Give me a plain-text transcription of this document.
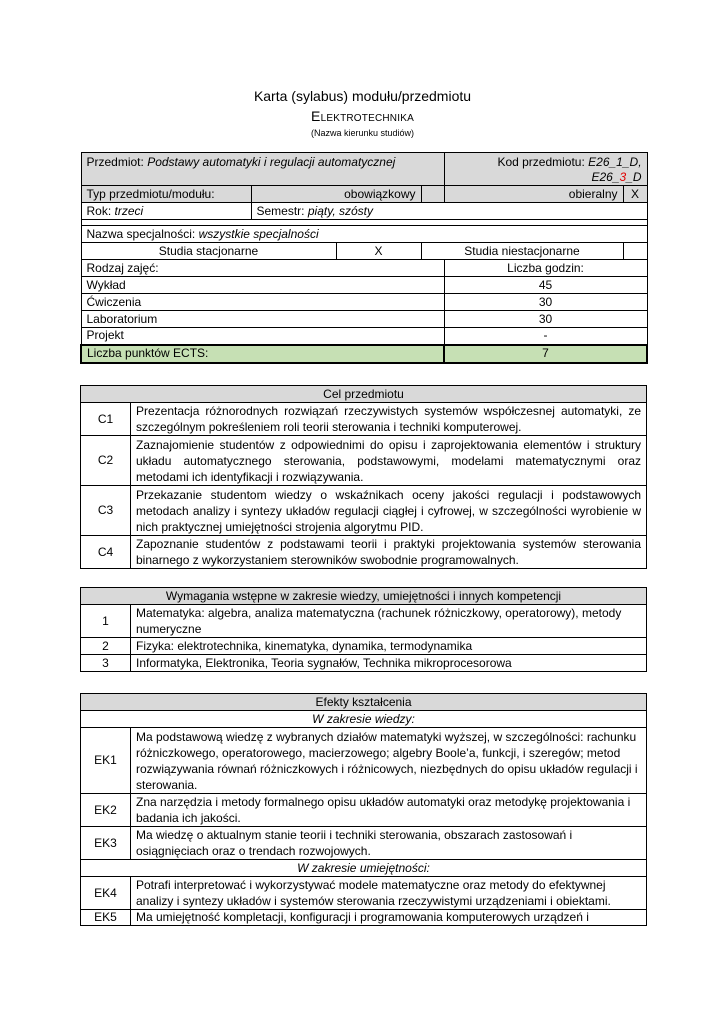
Karta (sylabus) modułu/przedmiotu
Elektrotechnika
(Nazwa kierunku studiów)
Przedmiot: Podstawy automatyki i regulacji automatycznej				Kod przedmiotu: E26_1_D,
E26_3_D	
Typ przedmiotu/modułu:	obowiązkowy			obieralny	X
Rok: trzeci	Semestr: piąty, szósty				

Nazwa specjalności: wszystkie specjalności					
Studia stacjonarne		X	Studia niestacjonarne		
Rodzaj zajęć:				Liczba godzin:	
Wykład				45	
Ćwiczenia				30	
Laboratorium				30	
Projekt				-	
Liczba punktów ECTS:				7	
Cel przedmiotu	
C1	Prezentacja różnorodnych rozwiązań rzeczywistych systemów współczesnej automatyki, ze szczególnym pokreśleniem roli teorii sterowania i techniki komputerowej.
C2	Zaznajomienie studentów z odpowiednimi do opisu i zaprojektowania elementów i struktury układu automatycznego sterowania, podstawowymi, modelami matematycznymi oraz metodami ich identyfikacji i rozwiązywania.
C3	Przekazanie studentom wiedzy o wskaźnikach oceny jakości regulacji i podstawowych metodach analizy i syntezy układów regulacji ciągłej i cyfrowej, w szczególności wyrobienie w nich praktycznej umiejętności strojenia algorytmu PID.
C4	Zapoznanie studentów z podstawami teorii i praktyki projektowania systemów sterowania binarnego z wykorzystaniem sterowników swobodnie programowalnych.
Wymagania wstępne w zakresie wiedzy, umiejętności i innych kompetencji	
1	Matematyka: algebra, analiza matematyczna (rachunek różniczkowy, operatorowy), metody numeryczne
2	Fizyka: elektrotechnika, kinematyka, dynamika, termodynamika
3	Informatyka, Elektronika, Teoria sygnałów, Technika mikroprocesorowa
Efekty kształcenia	
W zakresie wiedzy:	
EK1	Ma podstawową wiedzę z wybranych działów matematyki wyższej, w szczególności: rachunku różniczkowego, operatorowego, macierzowego; algebry Boole’a, funkcji, i szeregów; metod rozwiązywania równań różniczkowych i różnicowych, niezbędnych do opisu układów regulacji i sterowania.
EK2	Zna narzędzia i metody formalnego opisu układów automatyki oraz metodykę projektowania i badania ich jakości.
EK3	Ma wiedzę o aktualnym stanie teorii i techniki sterowania, obszarach zastosowań i osiągnięciach oraz o trendach rozwojowych.
W zakresie umiejętności:	
EK4	Potrafi interpretować i wykorzystywać modele matematyczne oraz metody do efektywnej analizy i syntezy układów i systemów sterowania rzeczywistymi urządzeniami i obiektami.
EK5	Ma umiejętność kompletacji, konfiguracji i programowania komputerowych urządzeń i
